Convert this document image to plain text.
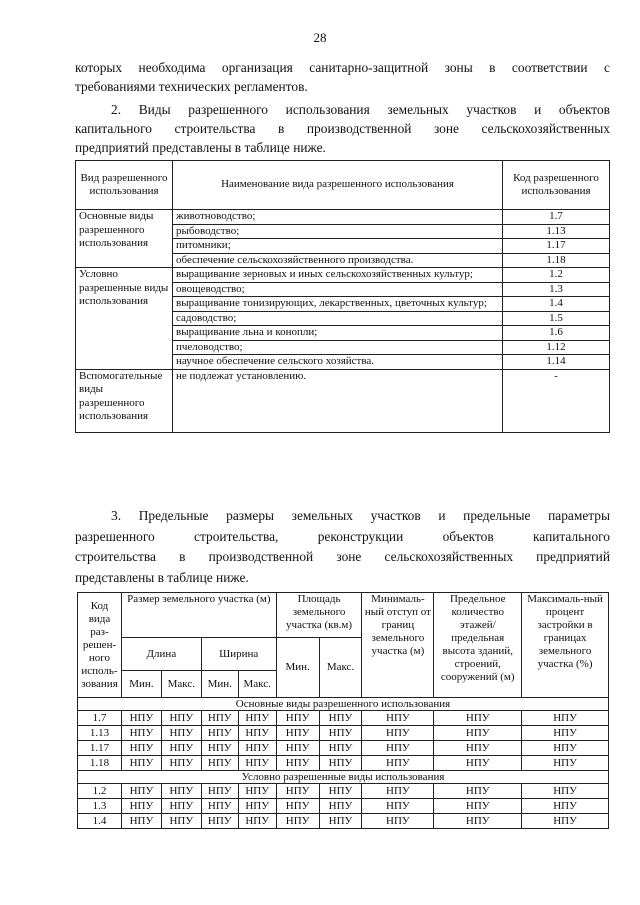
28
которых необходима организация санитарно-защитной зоны в соответствии с
требованиями технических регламентов.
2. Виды разрешенного использования земельных участков и объектов
капитального строительства в производственной зоне сельскохозяйственных
предприятий представлены в таблице ниже.
Вид разрешенного использования	Наименование вида разрешенного использования	Код разрешенного использования
Основные виды разрешенного использования	животноводство;	1.7
	рыбоводство;	1.13
	питомники;	1.17
	обеспечение сельскохозяйственного производства.	1.18
Условно разрешенные виды использования	выращивание зерновых и иных сельскохозяйственных культур;	1.2
	овощеводство;	1.3
	выращивание тонизирующих, лекарственных, цветочных культур;	1.4
	садоводство;	1.5
	выращивание льна и конопли;	1.6
	пчеловодство;	1.12
	научное обеспечение сельского хозяйства.	1.14
Вспомогательные виды разрешенного использования	не подлежат установлению.	-
3. Предельные размеры земельных участков и предельные параметры
разрешенного строительства, реконструкции объектов капитального
строительства в производственной зоне сельскохозяйственных предприятий
представлены в таблице ниже.
Код вида раз-решен-ного исполь-зования	Размер земельного участка (м)				Площадь земельного участка (кв.м)		Минималь-ный отступ от границ земельного участка (м)	Предельное количество этажей/ предельная высота зданий, строений, сооружений (м)	Максималь-ный процент застройки в границах земельного участка (%)
	Длина		Ширина		Мин.	Макс.			
	Мин.	Макс.	Мин.	Макс.					
Основные виды разрешенного использования									
1.7	НПУ	НПУ	НПУ	НПУ	НПУ	НПУ	НПУ	НПУ	НПУ
1.13	НПУ	НПУ	НПУ	НПУ	НПУ	НПУ	НПУ	НПУ	НПУ
1.17	НПУ	НПУ	НПУ	НПУ	НПУ	НПУ	НПУ	НПУ	НПУ
1.18	НПУ	НПУ	НПУ	НПУ	НПУ	НПУ	НПУ	НПУ	НПУ
Условно разрешенные виды использования									
1.2	НПУ	НПУ	НПУ	НПУ	НПУ	НПУ	НПУ	НПУ	НПУ
1.3	НПУ	НПУ	НПУ	НПУ	НПУ	НПУ	НПУ	НПУ	НПУ
1.4	НПУ	НПУ	НПУ	НПУ	НПУ	НПУ	НПУ	НПУ	НПУ
